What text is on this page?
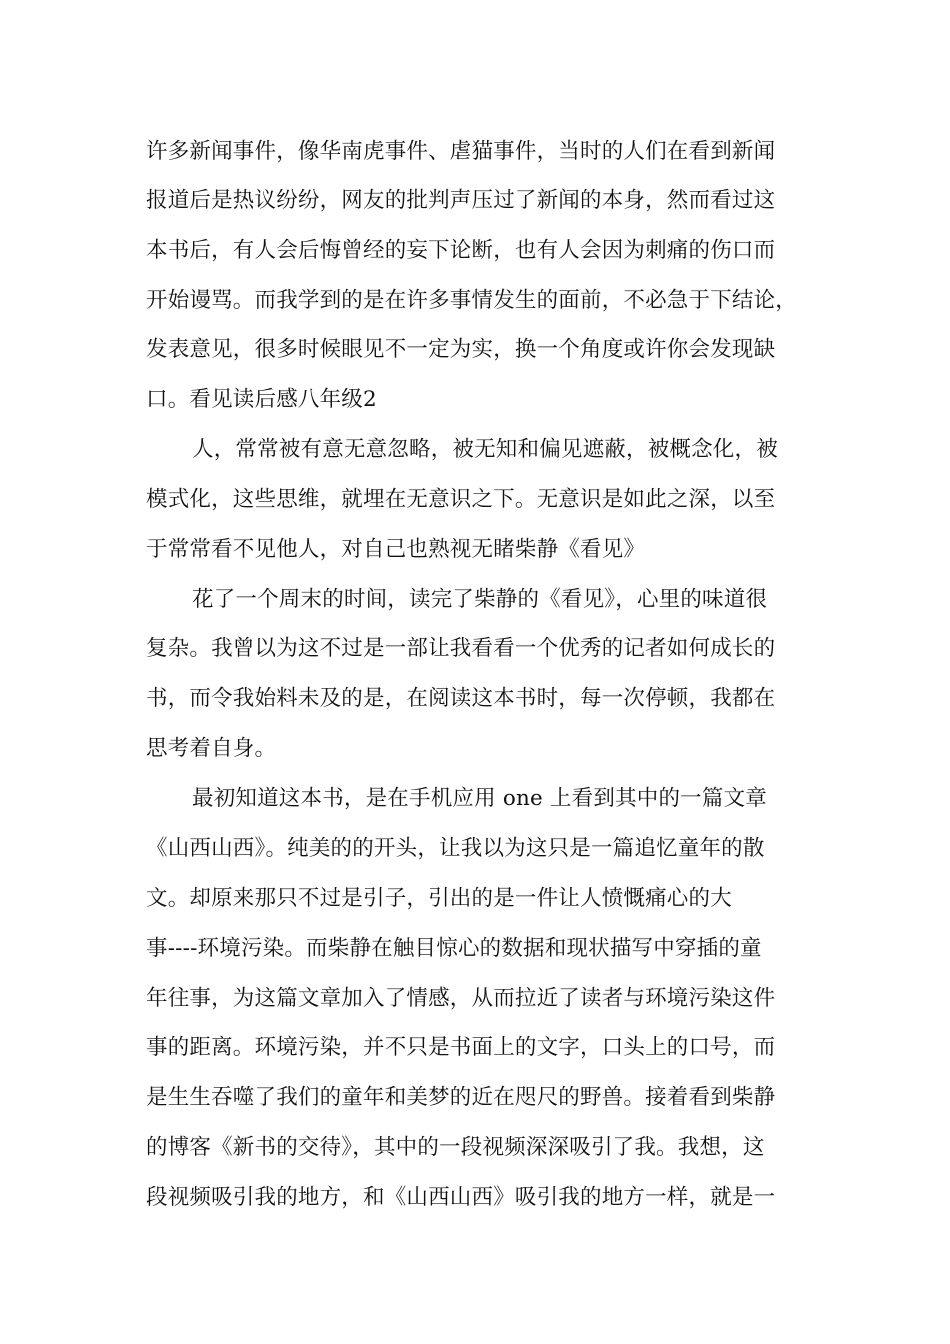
许多新闻事件，像华南虎事件、虐猫事件，当时的人们在看到新闻
报道后是热议纷纷，网友的批判声压过了新闻的本身，然而看过这
本书后，有人会后悔曾经的妄下论断，也有人会因为刺痛的伤口而
开始谩骂。而我学到的是在许多事情发生的面前，不必急于下结论，
发表意见，很多时候眼见不一定为实，换一个角度或许你会发现缺
口。看见读后感八年级2
人，常常被有意无意忽略，被无知和偏见遮蔽，被概念化，被
模式化，这些思维，就埋在无意识之下。无意识是如此之深，以至
于常常看不见他人，对自己也熟视无睹柴静《看见》
花了一个周末的时间，读完了柴静的《看见》，心里的味道很
复杂。我曾以为这不过是一部让我看看一个优秀的记者如何成长的
书，而令我始料未及的是，在阅读这本书时，每一次停顿，我都在
思考着自身。
最初知道这本书，是在手机应用 one 上看到其中的一篇文章
《山西山西》。纯美的的开头，让我以为这只是一篇追忆童年的散
文。却原来那只不过是引子，引出的是一件让人愤慨痛心的大
事----环境污染。而柴静在触目惊心的数据和现状描写中穿插的童
年往事，为这篇文章加入了情感，从而拉近了读者与环境污染这件
事的距离。环境污染，并不只是书面上的文字，口头上的口号，而
是生生吞噬了我们的童年和美梦的近在咫尺的野兽。接着看到柴静
的博客《新书的交待》，其中的一段视频深深吸引了我。我想，这
段视频吸引我的地方，和《山西山西》吸引我的地方一样，就是一
